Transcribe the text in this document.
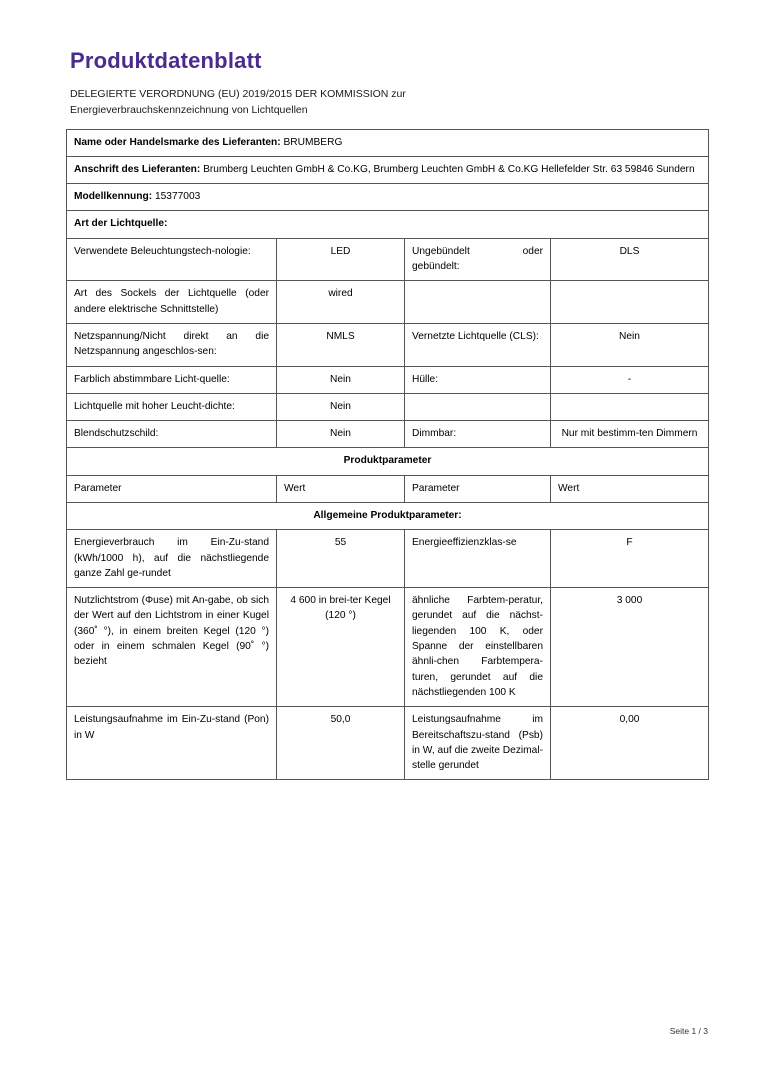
Produktdatenblatt
DELEGIERTE VERORDNUNG (EU) 2019/2015 DER KOMMISSION zur
Energieverbrauchskennzeichnung von Lichtquellen
Name oder Handelsmarke des Lieferanten: BRUMBERG			
Anschrift des Lieferanten: Brumberg Leuchten GmbH & Co.KG, Brumberg Leuchten GmbH & Co.KG Hellefelder Str. 63 59846 Sundern			
Modellkennung: 15377003			
Art der Lichtquelle:			
Verwendete Beleuchtungstech-nologie:	LED	Ungebündelt oder gebündelt:	DLS
Art des Sockels der Lichtquelle (oder andere elektrische Schnittstelle)	wired		
Netzspannung/Nicht direkt an die Netzspannung angeschlos-sen:	NMLS	Vernetzte Lichtquelle (CLS):	Nein
Farblich abstimmbare Licht-quelle:	Nein	Hülle:	-
Lichtquelle mit hoher Leucht-dichte:	Nein		
Blendschutzschild:	Nein	Dimmbar:	Nur mit bestimm-ten Dimmern
Produktparameter			
Parameter	Wert	Parameter	Wert
Allgemeine Produktparameter:			
Energieverbrauch im Ein-Zu-stand (kWh/1000 h), auf die nächstliegende ganze Zahl ge-rundet	55	Energieeffizienzklas-se	F
Nutzlichtstrom (Φuse) mit An-gabe, ob sich der Wert auf den Lichtstrom in einer Kugel (360˚ °), in einem breiten Kegel (120 °) oder in einem schmalen Kegel (90˚ °) bezieht	4 600 in brei-ter Kegel (120 °)	ähnliche Farbtem-peratur, gerundet auf die nächst-liegenden 100 K, oder Spanne der einstellbaren ähnli-chen Farbtempera-turen, gerundet auf die nächstliegenden 100 K	3 000
Leistungsaufnahme im Ein-Zu-stand (Pon) in W	50,0	Leistungsaufnahme im Bereitschaftszu-stand (Psb) in W, auf die zweite Dezimal-stelle gerundet	0,00
Seite 1 / 3
